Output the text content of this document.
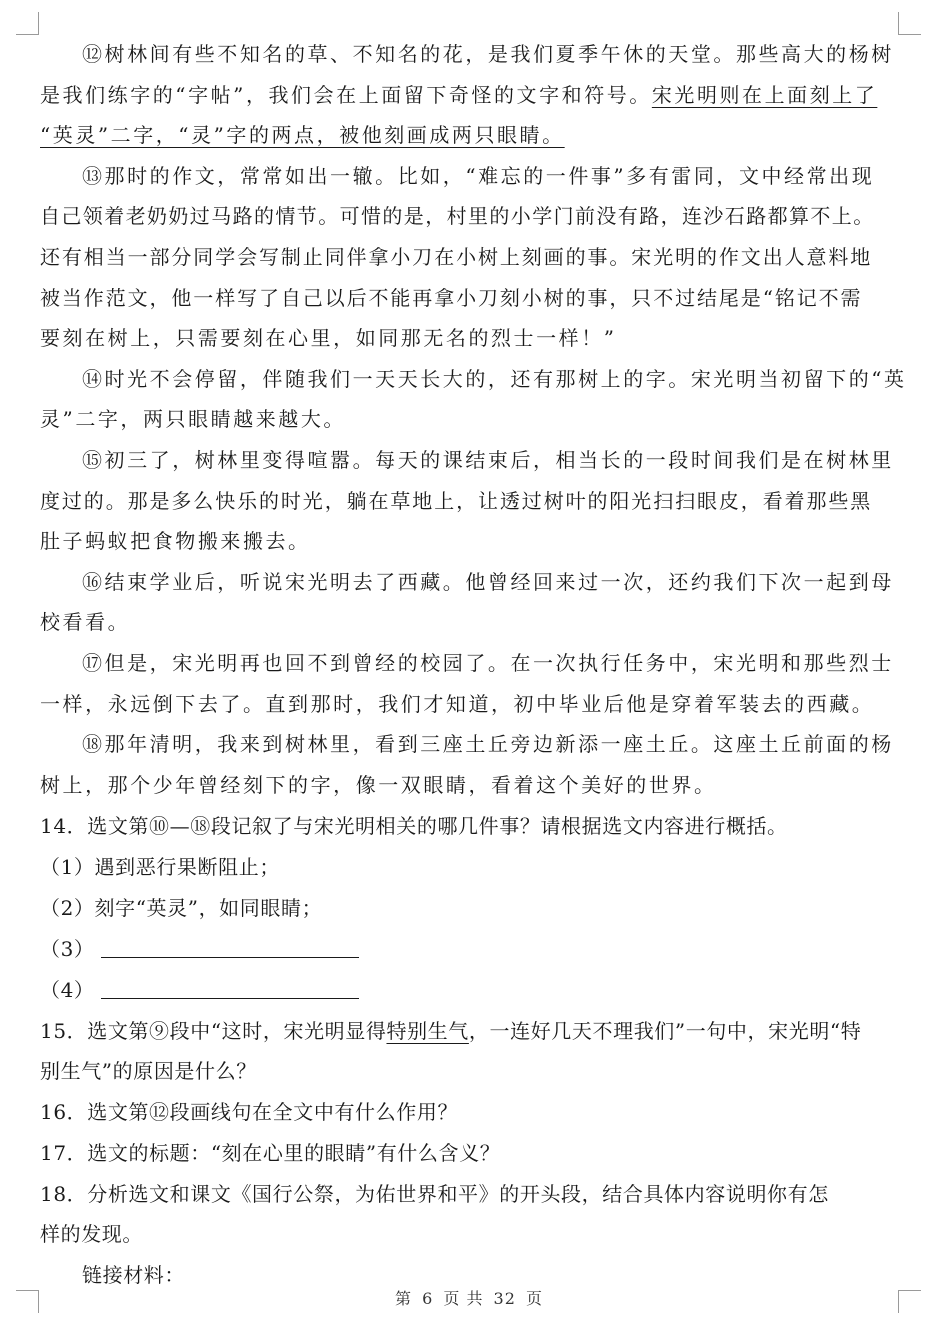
⑫树林间有些不知名的草、不知名的花，是我们夏季午休的天堂。那些高大的杨树
是我们练字的“字帖”，我们会在上面留下奇怪的文字和符号。宋光明则在上面刻上了
“英灵”二字，“灵”字的两点，被他刻画成两只眼睛。
⑬那时的作文，常常如出一辙。比如，“难忘的一件事”多有雷同，文中经常出现
自己领着老奶奶过马路的情节。可惜的是，村里的小学门前没有路，连沙石路都算不上。
还有相当一部分同学会写制止同伴拿小刀在小树上刻画的事。宋光明的作文出人意料地
被当作范文，他一样写了自己以后不能再拿小刀刻小树的事，只不过结尾是“铭记不需
要刻在树上，只需要刻在心里，如同那无名的烈士一样！”
⑭时光不会停留，伴随我们一天天长大的，还有那树上的字。宋光明当初留下的“英
灵”二字，两只眼睛越来越大。
⑮初三了，树林里变得喧嚣。每天的课结束后，相当长的一段时间我们是在树林里
度过的。那是多么快乐的时光，躺在草地上，让透过树叶的阳光扫扫眼皮，看着那些黑
肚子蚂蚁把食物搬来搬去。
⑯结束学业后，听说宋光明去了西藏。他曾经回来过一次，还约我们下次一起到母
校看看。
⑰但是，宋光明再也回不到曾经的校园了。在一次执行任务中，宋光明和那些烈士
一样，永远倒下去了。直到那时，我们才知道，初中毕业后他是穿着军装去的西藏。
⑱那年清明，我来到树林里，看到三座土丘旁边新添一座土丘。这座土丘前面的杨
树上，那个少年曾经刻下的字，像一双眼睛，看着这个美好的世界。
14．选文第⑩—⑱段记叙了与宋光明相关的哪几件事？请根据选文内容进行概括。
（1）遇到恶行果断阻止；
（2）刻字“英灵”，如同眼睛；
（3）
（4）
15．选文第⑨段中“这时，宋光明显得特别生气，一连好几天不理我们”一句中，宋光明“特
别生气”的原因是什么？
16．选文第⑫段画线句在全文中有什么作用？
17．选文的标题：“刻在心里的眼睛”有什么含义？
18．分析选文和课文《国行公祭，为佑世界和平》的开头段，结合具体内容说明你有怎
样的发现。
链接材料：
第 6 页 共 32 页
